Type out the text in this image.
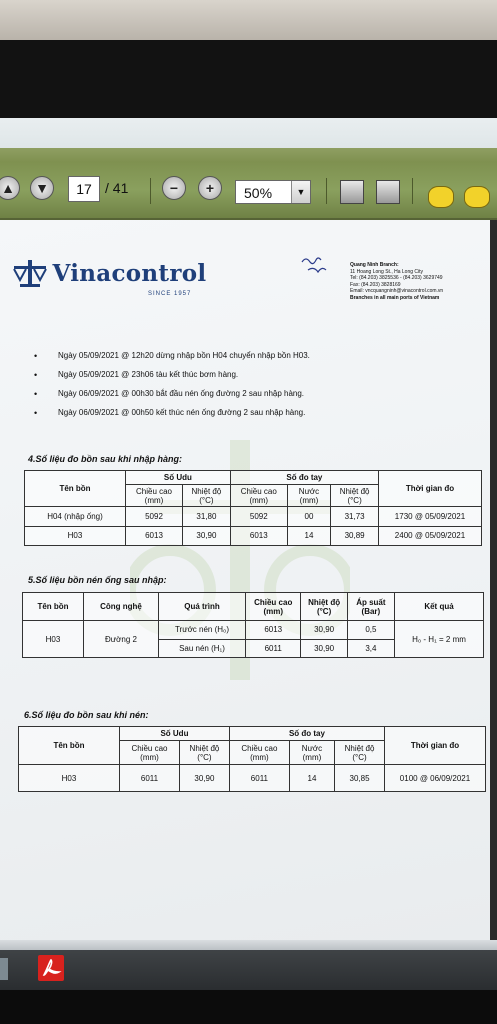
▲ ▼	17 / 41	−	+	50%	▼
Vinacontrol
SINCE 1957
Quang Ninh Branch:
11 Hoang Long St., Ha Long City
Tel: (84.203) 3825536 - (84.203) 3629749
Fax: (84.203) 3828169
Email: vncquangninh@vinacontrol.com.vn
Branches in all main ports of Vietnam
• Ngày 05/09/2021 @ 12h20 dừng nhập bồn H04 chuyển nhập bồn H03.
• Ngày 05/09/2021 @ 23h06 tàu kết thúc bơm hàng.
• Ngày 06/09/2021 @ 00h30 bắt đầu nén ống đường 2 sau nhập hàng.
• Ngày 06/09/2021 @ 00h50 kết thúc nén ống đường 2 sau nhập hàng.
4.Số liệu đo bồn sau khi nhập hàng:
Tên bồn	Số Udu		Số đo tay			Thời gian đo
	Chiều cao (mm)	Nhiệt độ (°C)	Chiều cao (mm)	Nước (mm)	Nhiệt độ (°C)	
H04 (nhập ống)	5092	31,80	5092	00	31,73	1730 @ 05/09/2021
H03	6013	30,90	6013	14	30,89	2400 @ 05/09/2021
5.Số liệu bồn nén ống sau nhập:
Tên bồn	Công nghệ	Quá trình	Chiều cao (mm)	Nhiệt độ (°C)	Áp suất (Bar)	Kết quả
H03	Đường 2	Trước nén (H₀)	6013	30,90	0,5	H₀ - H₁ = 2 mm
		Sau nén (H₁)	6011	30,90	3,4	
6.Số liệu đo bồn sau khi nén:
Tên bồn	Số Udu		Số đo tay			Thời gian đo
	Chiều cao (mm)	Nhiệt độ (°C)	Chiều cao (mm)	Nước (mm)	Nhiệt độ (°C)	
H03	6011	30,90	6011	14	30,85	0100 @ 06/09/2021
